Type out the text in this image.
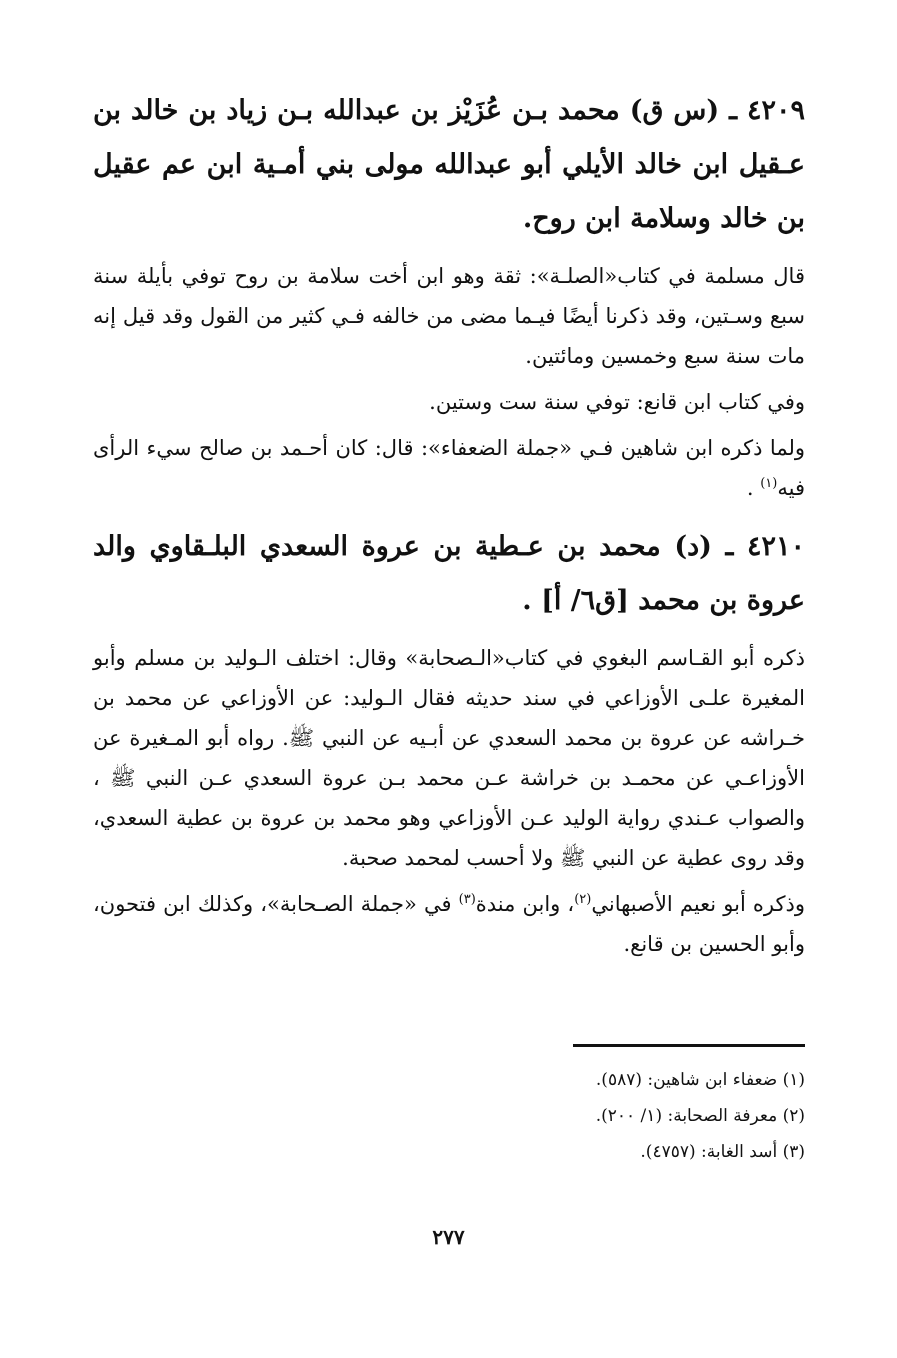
٤٢٠٩ ـ (س ق) محمد بـن عُزَيْز بن عبدالله بـن زياد بن خالد بن عـقيل ابن خالد الأيلي أبو عبدالله مولى بني أمـية ابن عم عقيل بن خالد وسلامة ابن روح.

قال مسلمة في كتاب«الصلـة»: ثقة وهو ابن أخت سلامة بن روح توفي بأيلة سنة سبع وسـتين، وقد ذكرنا أيضًا فيـما مضى من خالفه فـي كثير من القول وقد قيل إنه مات سنة سبع وخمسين ومائتين.

وفي كتاب ابن قانع: توفي سنة ست وستين.

ولما ذكره ابن شاهين فـي «جملة الضعفاء»: قال: كان أحـمد بن صالح سيء الرأى فيه$^{(١)}$ .

٤٢١٠ ـ (د) محمد بن عـطية بن عروة السعدي البلـقاوي والد عروة بن محمد [ق٦/ أ] .

ذكره أبو القـاسم البغوي في كتاب«الـصحابة» وقال: اختلف الـوليد بن مسلم وأبو المغيرة علـى الأوزاعي في سند حديثه فقال الـوليد: عن الأوزاعي عن محمد بن خـراشه عن عروة بن محمد السعدي عن أبـيه عن النبي ﷺ. رواه أبو المـغيرة عن الأوزاعـي عن محمـد بن خراشة عـن محمد بـن عروة السعدي عـن النبي ﷺ ، والصواب عـندي رواية الوليد عـن الأوزاعي وهو محمد بن عروة بن عطية السعدي، وقد روى عطية عن النبي ﷺ ولا أحسب لمحمد صحبة.

وذكره أبو نعيم الأصبهاني$^{(٢)}$، وابن مندة$^{(٣)}$ في «جملة الصـحابة»، وكذلك ابن فتحون، وأبو الحسين بن قانع.

(١) ضعفاء ابن شاهين: (٥٨٧).
(٢) معرفة الصحابة: (١/ ٢٠٠).
(٣) أسد الغابة: (٤٧٥٧).
٢٧٧
